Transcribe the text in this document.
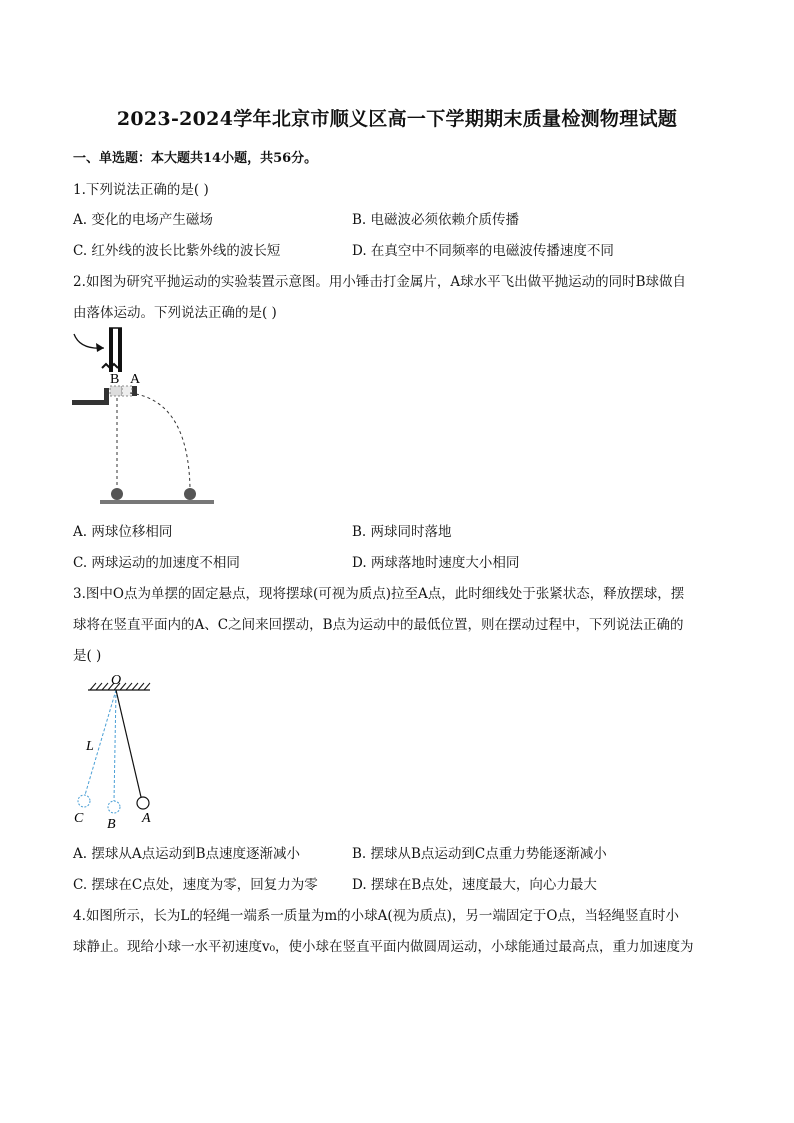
2023-2024学年北京市顺义区高一下学期期末质量检测物理试题
一、单选题：本大题共14小题，共56分。
1.下列说法正确的是( )
A. 变化的电场产生磁场	B. 电磁波必须依赖介质传播
C. 红外线的波长比紫外线的波长短	D. 在真空中不同频率的电磁波传播速度不同
2.如图为研究平抛运动的实验装置示意图。用小锤击打金属片，A球水平飞出做平抛运动的同时B球做自
由落体运动。下列说法正确的是( )
B A
A. 两球位移相同	B. 两球同时落地
C. 两球运动的加速度不相同	D. 两球落地时速度大小相同
3.图中O点为单摆的固定悬点，现将摆球(可视为质点)拉至A点，此时细线处于张紧状态，释放摆球，摆
球将在竖直平面内的A、C之间来回摆动，B点为运动中的最低位置，则在摆动过程中，下列说法正确的
是( )
O
L
C B A
A. 摆球从A点运动到B点速度逐渐减小	B. 摆球从B点运动到C点重力势能逐渐减小
C. 摆球在C点处，速度为零，回复力为零	D. 摆球在B点处，速度最大，向心力最大
4.如图所示，长为L的轻绳一端系一质量为m的小球A(视为质点)，另一端固定于O点，当轻绳竖直时小
球静止。现给小球一水平初速度v₀，使小球在竖直平面内做圆周运动，小球能通过最高点，重力加速度为
